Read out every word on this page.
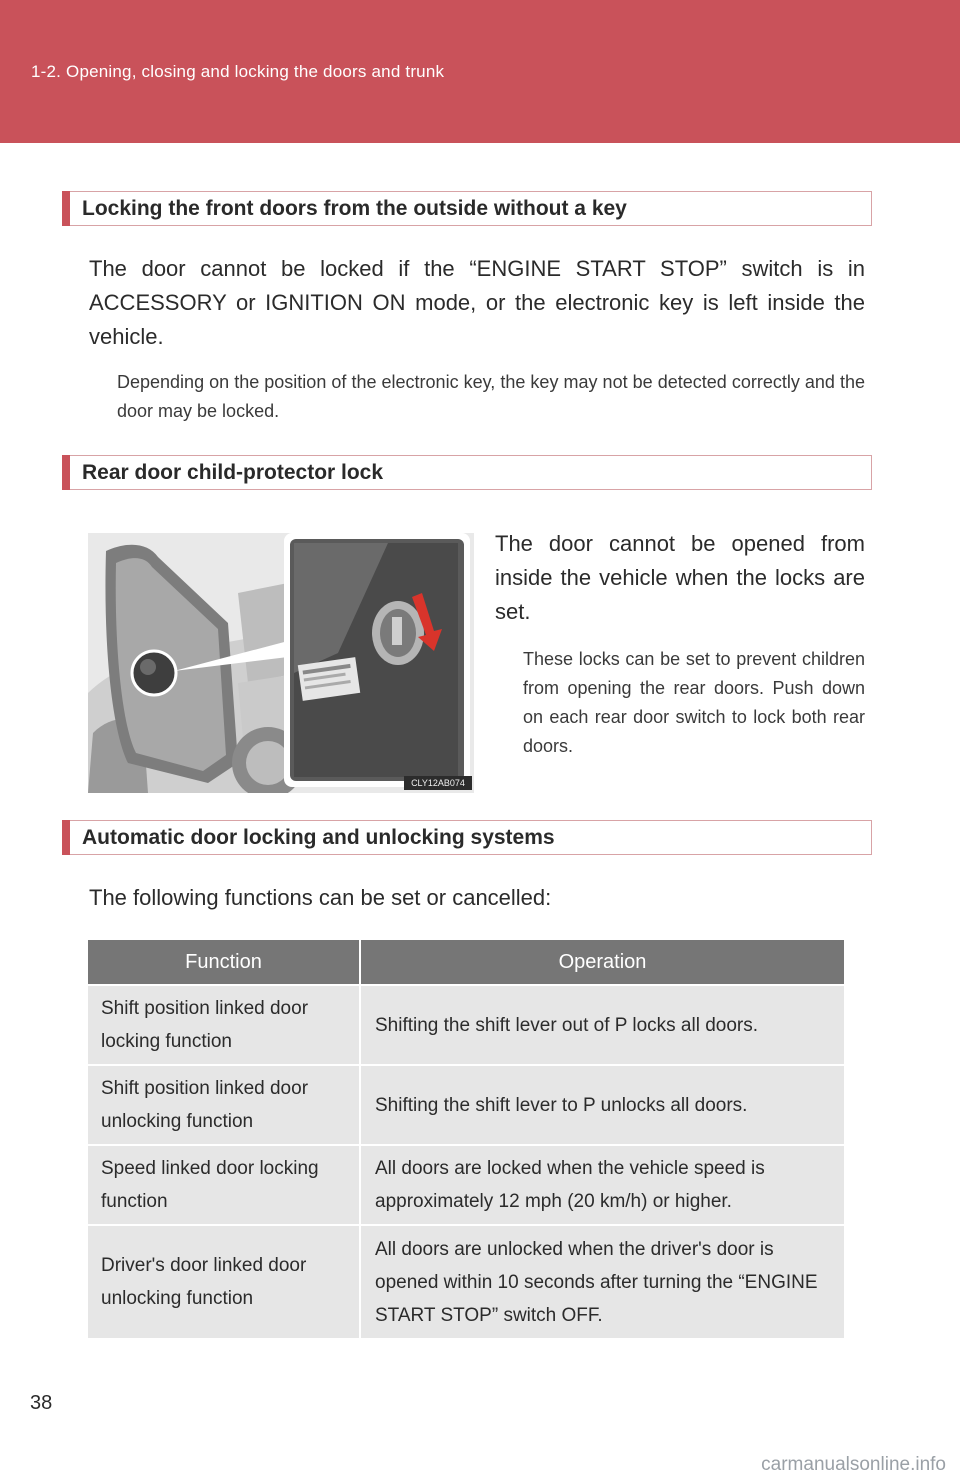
1-2. Opening, closing and locking the doors and trunk
Locking the front doors from the outside without a key
The door cannot be locked if the “ENGINE START STOP” switch is in ACCESSORY or IGNITION ON mode, or the electronic key is left inside the vehicle.
Depending on the position of the electronic key, the key may not be detected correctly and the door may be locked.
Rear door child-protector lock
CLY12AB074
The door cannot be opened from inside the vehicle when the locks are set.
These locks can be set to prevent children from opening the rear doors. Push down on each rear door switch to lock both rear doors.
Automatic door locking and unlocking systems
The following functions can be set or cancelled:
Function	Operation
Shift position linked door locking function	Shifting the shift lever out of P locks all doors.
Shift position linked door unlocking function	Shifting the shift lever to P unlocks all doors.
Speed linked door locking function	All doors are locked when the vehicle speed is approximately 12 mph (20 km/h) or higher.
Driver's door linked door unlocking function	All doors are unlocked when the driver's door is opened within 10 seconds after turning the “ENGINE START STOP” switch OFF.
38
carmanualsonline.info
